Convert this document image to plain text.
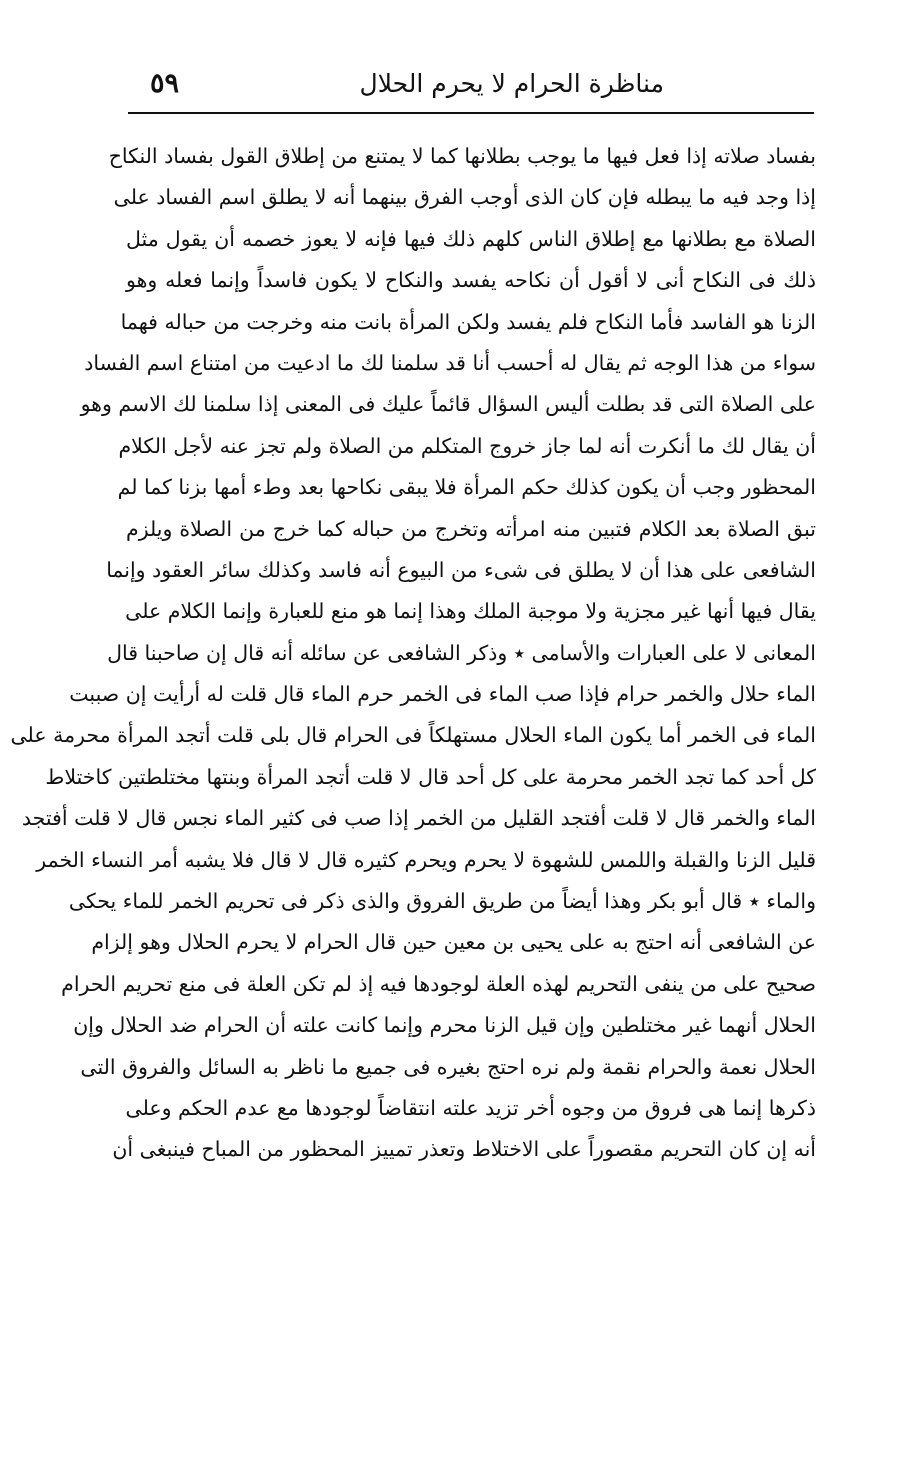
مناظرة الحرام لا يحرم الحلال
٥٩
بفساد صلاته إذا فعل فيها ما يوجب بطلانها كما لا يمتنع من إطلاق القول بفساد النكاح
إذا وجد فيه ما يبطله فإن كان الذى أوجب الفرق بينهما أنه لا يطلق اسم الفساد على
الصلاة مع بطلانها مع إطلاق الناس كلهم ذلك فيها فإنه لا يعوز خصمه أن يقول مثل
ذلك فى النكاح أنى لا أقول أن نكاحه يفسد والنكاح لا يكون فاسداً وإنما فعله وهو
الزنا هو الفاسد فأما النكاح فلم يفسد ولكن المرأة بانت منه وخرجت من حباله فهما
سواء من هذا الوجه ثم يقال له أحسب أنا قد سلمنا لك ما ادعيت من امتناع اسم الفساد
على الصلاة التى قد بطلت أليس السؤال قائماً عليك فى المعنى إذا سلمنا لك الاسم وهو
أن يقال لك ما أنكرت أنه لما جاز خروج المتكلم من الصلاة ولم تجز عنه لأجل الكلام
المحظور وجب أن يكون كذلك حكم المرأة فلا يبقى نكاحها بعد وطء أمها بزنا كما لم
تبق الصلاة بعد الكلام فتبين منه امرأته وتخرج من حباله كما خرج من الصلاة ويلزم
الشافعى على هذا أن لا يطلق فى شىء من البيوع أنه فاسد وكذلك سائر العقود وإنما
يقال فيها أنها غير مجزية ولا موجبة الملك وهذا إنما هو منع للعبارة وإنما الكلام على
المعانى لا على العبارات والأسامى ٭ وذكر الشافعى عن سائله أنه قال إن صاحبنا قال
الماء حلال والخمر حرام فإذا صب الماء فى الخمر حرم الماء قال قلت له أرأيت إن صببت
الماء فى الخمر أما يكون الماء الحلال مستهلكاً فى الحرام قال بلى قلت أتجد المرأة محرمة على
كل أحد كما تجد الخمر محرمة على كل أحد قال لا قلت أتجد المرأة وبنتها مختلطتين كاختلاط
الماء والخمر قال لا قلت أفتجد القليل من الخمر إذا صب فى كثير الماء نجس قال لا قلت أفتجد
قليل الزنا والقبلة واللمس للشهوة لا يحرم ويحرم كثيره قال لا قال فلا يشبه أمر النساء الخمر
والماء ٭ قال أبو بكر وهذا أيضاً من طريق الفروق والذى ذكر فى تحريم الخمر للماء يحكى
عن الشافعى أنه احتج به على يحيى بن معين حين قال الحرام لا يحرم الحلال وهو إلزام
صحيح على من ينفى التحريم لهذه العلة لوجودها فيه إذ لم تكن العلة فى منع تحريم الحرام
الحلال أنهما غير مختلطين وإن قيل الزنا محرم وإنما كانت علته أن الحرام ضد الحلال وإن
الحلال نعمة والحرام نقمة ولم نره احتج بغيره فى جميع ما ناظر به السائل والفروق التى
ذكرها إنما هى فروق من وجوه أخر تزيد علته انتقاضاً لوجودها مع عدم الحكم وعلى
أنه إن كان التحريم مقصوراً على الاختلاط وتعذر تمييز المحظور من المباح فينبغى أن
